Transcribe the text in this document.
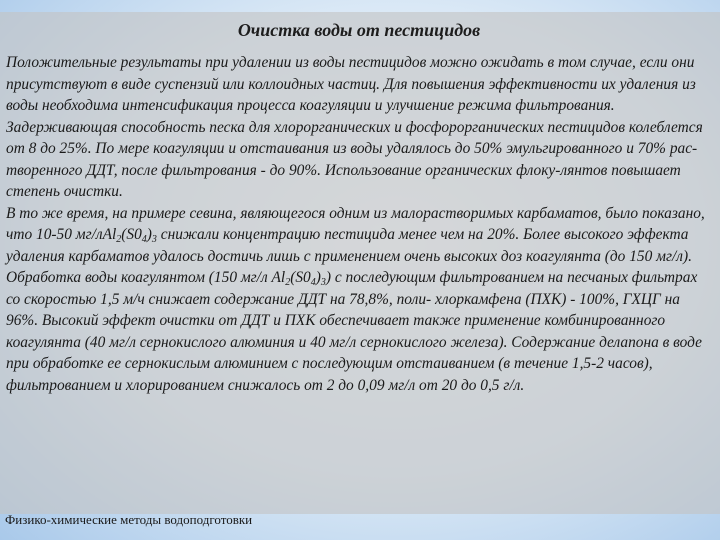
Очистка воды от пестицидов

Положительные результаты при удалении из воды пестицидов можно ожидать в том случае, если они присутствуют в виде суспензий или коллоидных частиц. Для повышения эффективности их удаления из воды необходима интенсификация процесса коагуляции и улучшение режима фильтрования. Задерживающая способность песка для хлорорганических и фосфорорганических пестицидов колеблется от 8 до 25%. По мере коагуляции и отстаивания из воды удалялось до 50% эмульгированного и 70% рас-творенного ДДТ, после фильтрования - до 90%. Использование органических флоку-лянтов повышает степень очистки.

В то же время, на примере севина, являющегося одним из малорастворимых карбаматов, было показано, что 10-50 $мг/лAl_2(S0_4)_3$ снижали концентрацию пестицида менее чем на 20%. Более высокого эффекта удаления карбаматов удалось достичь лишь с применением очень высоких доз коагулянта (до 150 мг/л).

Обработка воды коагулянтом (150 мг/л $Al_2(S0_4)_3$) с последующим фильтрованием на песчаных фильтрах со скоростью 1,5 м/ч снижает содержание ДДТ на 78,8%, поли- хлоркамфена (ПХК) - 100%, ГХЦГ на 96%. Высокий эффект очистки от ДДТ и ПХК обеспечивает также применение комбинированного коагулянта (40 мг/л сернокислого алюминия и 40 мг/л сернокислого железа). Содержание делапона в воде при обработке ее сернокислым алюминием с последующим отстаиванием (в течение 1,5-2 часов), фильтрованием и хлорированием снижалось от 2 до 0,09 мг/л от 20 до 0,5 г/л.

Физико-химические методы водоподготовки
